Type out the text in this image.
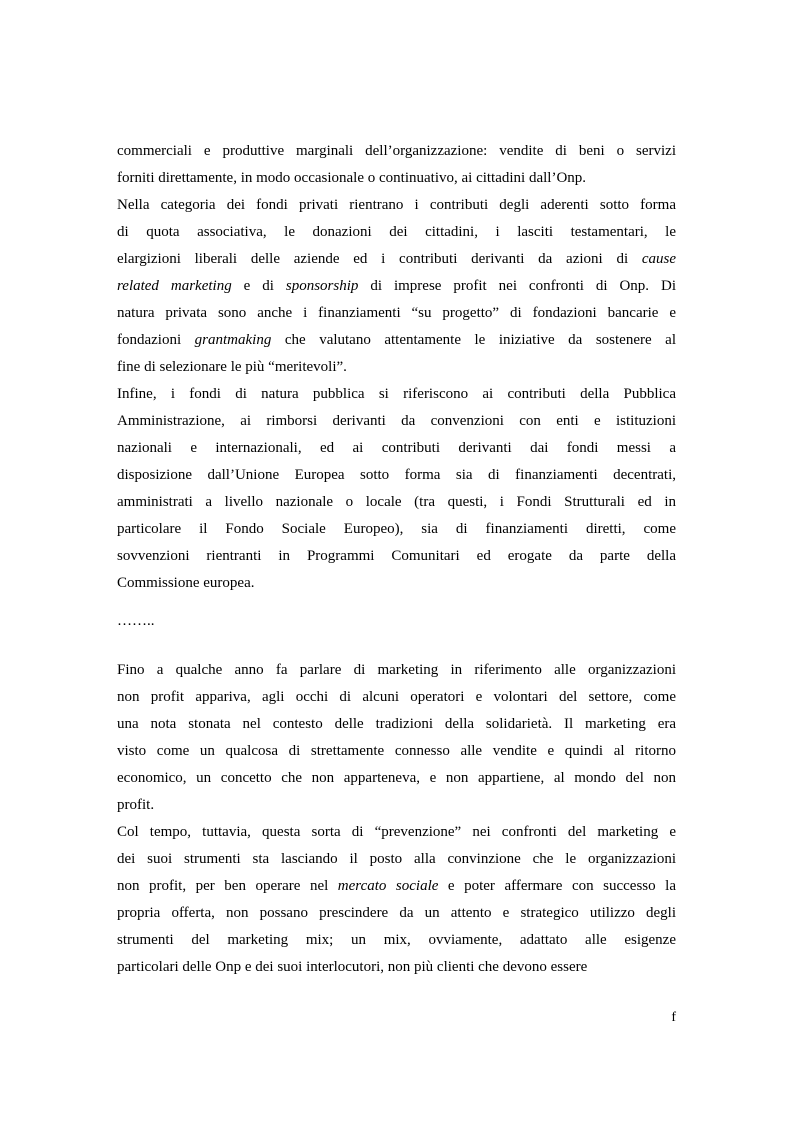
commerciali e produttive marginali dell’organizzazione: vendite di beni o servizi
forniti direttamente, in modo occasionale o continuativo, ai cittadini dall’Onp.

Nella categoria dei fondi privati rientrano i contributi degli aderenti sotto forma
di quota associativa, le donazioni dei cittadini, i lasciti testamentari, le
elargizioni liberali delle aziende ed i contributi derivanti da azioni di cause
related marketing e di sponsorship di imprese profit nei confronti di Onp. Di
natura privata sono anche i finanziamenti “su progetto” di fondazioni bancarie e
fondazioni grantmaking che valutano attentamente le iniziative da sostenere al
fine di selezionare le più “meritevoli”.

Infine, i fondi di natura pubblica si riferiscono ai contributi della Pubblica
Amministrazione, ai rimborsi derivanti da convenzioni con enti e istituzioni
nazionali e internazionali, ed ai contributi derivanti dai fondi messi a
disposizione dall’Unione Europea sotto forma sia di finanziamenti decentrati,
amministrati a livello nazionale o locale (tra questi, i Fondi Strutturali ed in
particolare il Fondo Sociale Europeo), sia di finanziamenti diretti, come
sovvenzioni rientranti in Programmi Comunitari ed erogate da parte della
Commissione europea.

……..

Fino a qualche anno fa parlare di marketing in riferimento alle organizzazioni
non profit appariva, agli occhi di alcuni operatori e volontari del settore, come
una nota stonata nel contesto delle tradizioni della solidarietà. Il marketing era
visto come un qualcosa di strettamente connesso alle vendite e quindi al ritorno
economico, un concetto che non apparteneva, e non appartiene, al mondo del non
profit.

Col tempo, tuttavia, questa sorta di “prevenzione” nei confronti del marketing e
dei suoi strumenti sta lasciando il posto alla convinzione che le organizzazioni
non profit, per ben operare nel mercato sociale e poter affermare con successo la
propria offerta, non possano prescindere da un attento e strategico utilizzo degli
strumenti del marketing mix; un mix, ovviamente, adattato alle esigenze
particolari delle Onp e dei suoi interlocutori, non più clienti che devono essere

f
